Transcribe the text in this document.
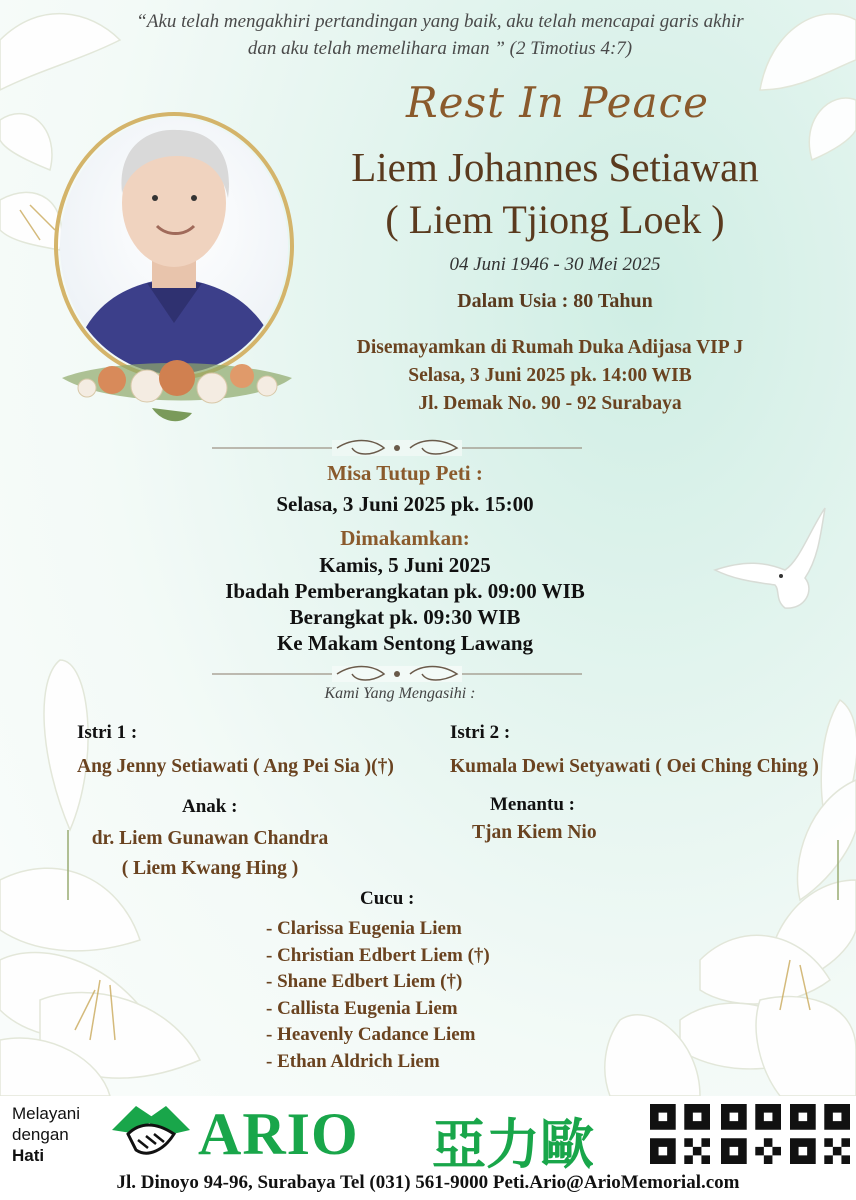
“Aku telah mengakhiri pertandingan yang baik, aku telah mencapai garis akhir
dan aku telah memelihara iman ” (2 Timotius 4:7)
Rest In Peace
Liem Johannes Setiawan
( Liem Tjiong Loek )
04 Juni 1946 - 30 Mei 2025
Dalam Usia : 80 Tahun
Disemayamkan di Rumah Duka Adijasa VIP J
Selasa, 3 Juni 2025 pk. 14:00 WIB
Jl. Demak No. 90 - 92 Surabaya
Misa Tutup Peti :
Selasa, 3 Juni 2025 pk. 15:00
Dimakamkan:
Kamis, 5 Juni 2025
Ibadah Pemberangkatan pk. 09:00 WIB
Berangkat pk. 09:30 WIB
Ke Makam Sentong Lawang
Kami Yang Mengasihi :
Istri 1 :
Ang Jenny Setiawati ( Ang Pei Sia )(†)
Istri 2 :
Kumala Dewi Setyawati ( Oei Ching Ching )
Anak :
dr. Liem Gunawan Chandra
( Liem Kwang Hing )
Menantu :
Tjan Kiem Nio
Cucu :
- Clarissa Eugenia Liem
- Christian Edbert Liem (†)
- Shane Edbert Liem (†)
- Callista Eugenia Liem
- Heavenly Cadance Liem
- Ethan Aldrich Liem
Melayani
dengan
Hati	ARIO 亞力歐
Jl. Dinoyo 94-96, Surabaya Tel (031) 561-9000 Peti.Ario@ArioMemorial.com
